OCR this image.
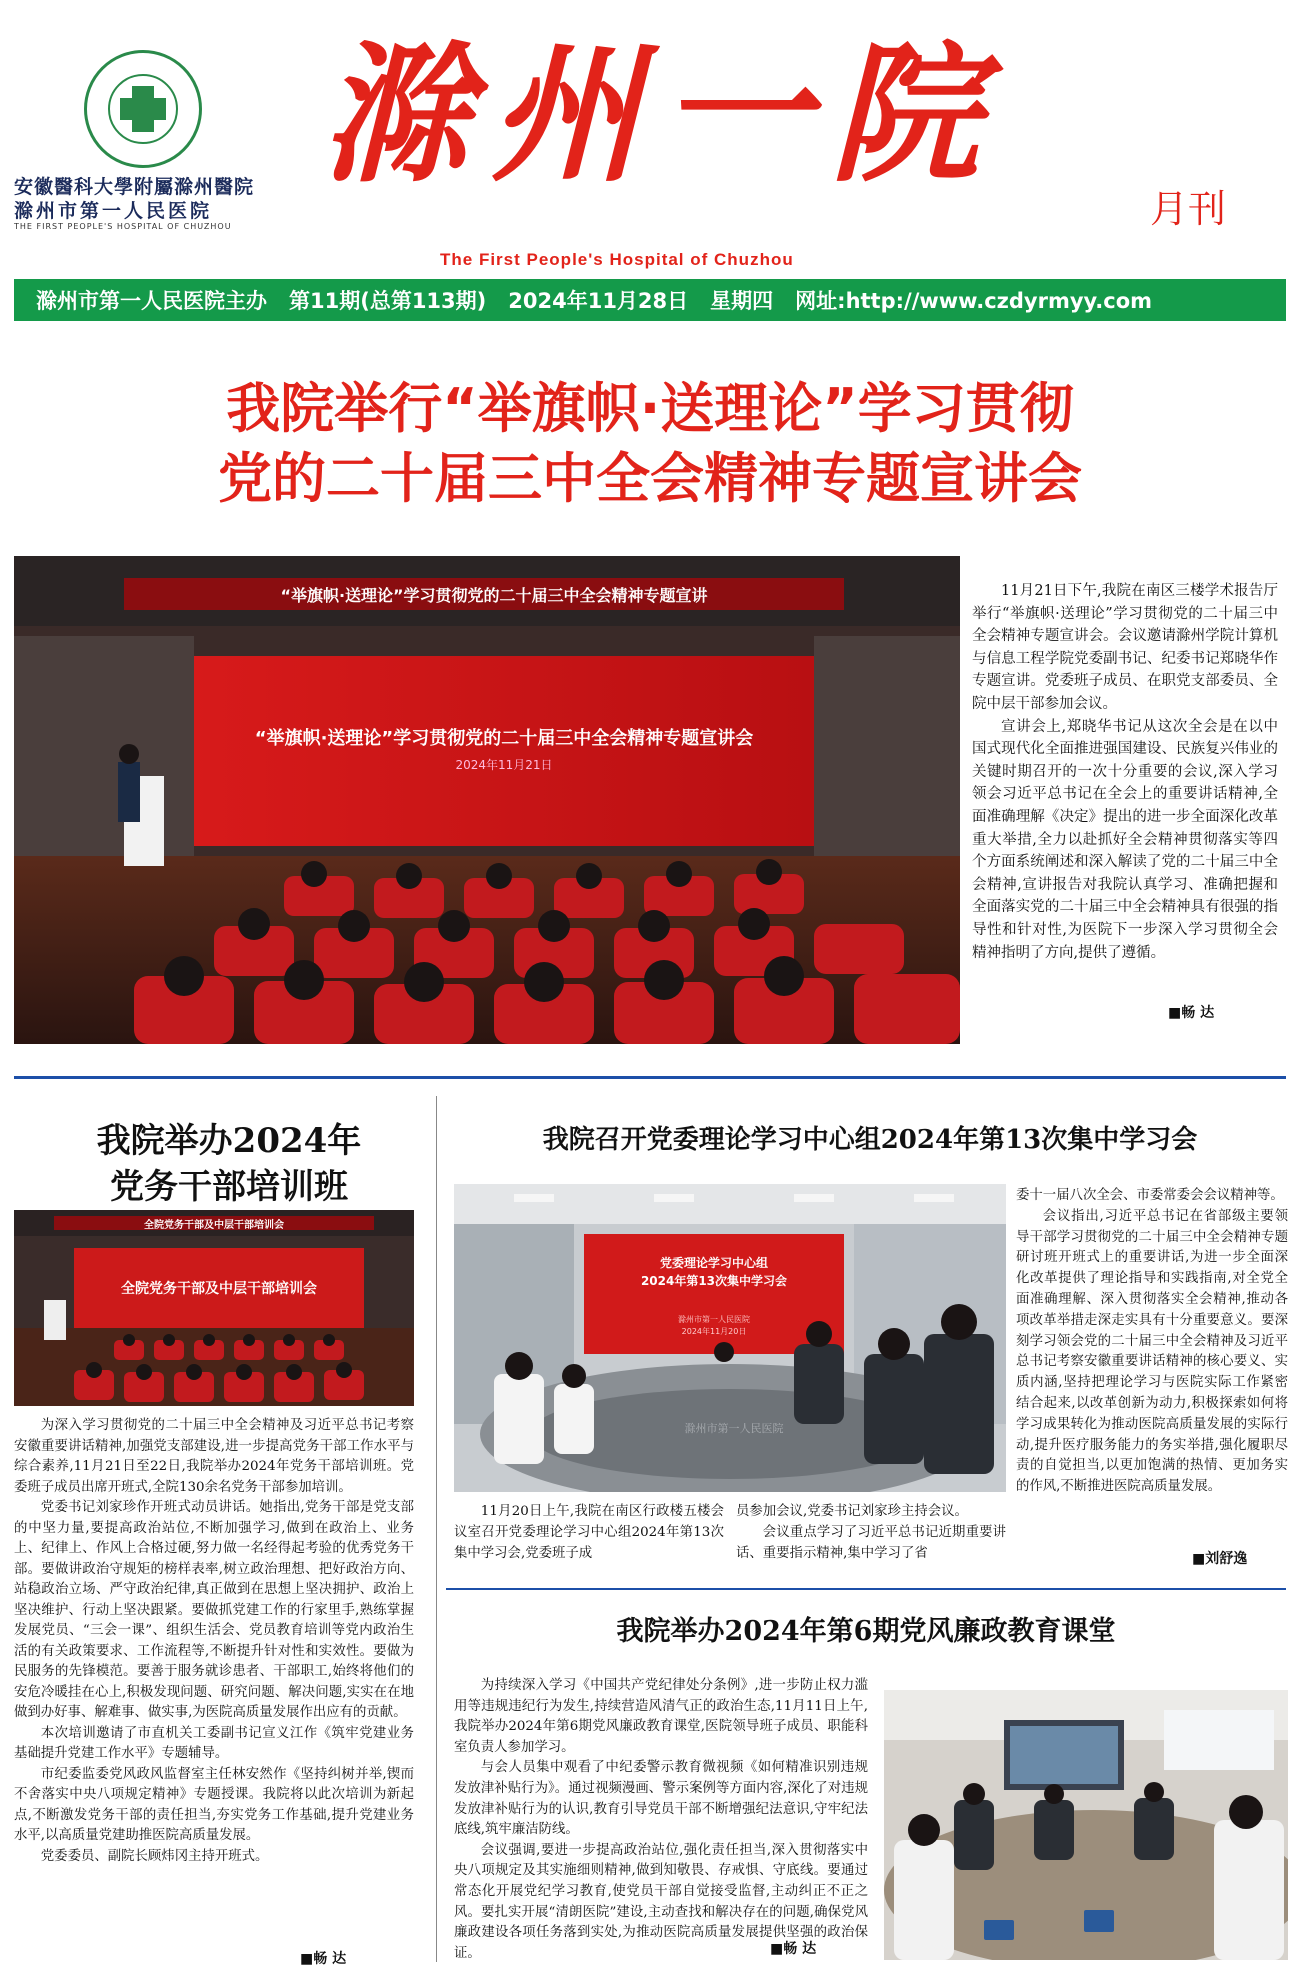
安徽醫科大學附屬滁州醫院
滁州市第一人民医院
THE FIRST PEOPLE'S HOSPITAL OF CHUZHOU
滁州一院
月刊
The First People's Hospital of Chuzhou
滁州市第一人民医院主办 第11期(总第113期) 2024年11月28日 星期四 网址:http://www.czdyrmyy.com
我院举行“举旗帜·送理论”学习贯彻
党的二十届三中全会精神专题宣讲会
“举旗帜·送理论”学习贯彻党的二十届三中全会精神专题宣讲
“举旗帜·送理论”学习贯彻党的二十届三中全会精神专题宣讲会
2024年11月21日

11月21日下午,我院在南区三楼学术报告厅举行“举旗帜·送理论”学习贯彻党的二十届三中全会精神专题宣讲会。会议邀请滁州学院计算机与信息工程学院党委副书记、纪委书记郑晓华作专题宣讲。党委班子成员、在职党支部委员、全院中层干部参加会议。

宣讲会上,郑晓华书记从这次全会是在以中国式现代化全面推进强国建设、民族复兴伟业的关键时期召开的一次十分重要的会议,深入学习领会习近平总书记在全会上的重要讲话精神,全面准确理解《决定》提出的进一步全面深化改革重大举措,全力以赴抓好全会精神贯彻落实等四个方面系统阐述和深入解读了党的二十届三中全会精神,宣讲报告对我院认真学习、准确把握和全面落实党的二十届三中全会精神具有很强的指导性和针对性,为医院下一步深入学习贯彻全会精神指明了方向,提供了遵循。

■畅 达
我院举办2024年
党务干部培训班
全院党务干部及中层干部培训会
全院党务干部及中层干部培训会

为深入学习贯彻党的二十届三中全会精神及习近平总书记考察安徽重要讲话精神,加强党支部建设,进一步提高党务干部工作水平与综合素养,11月21日至22日,我院举办2024年党务干部培训班。党委班子成员出席开班式,全院130余名党务干部参加培训。

党委书记刘家珍作开班式动员讲话。她指出,党务干部是党支部的中坚力量,要提高政治站位,不断加强学习,做到在政治上、业务上、纪律上、作风上合格过硬,努力做一名经得起考验的优秀党务干部。要做讲政治守规矩的榜样表率,树立政治理想、把好政治方向、站稳政治立场、严守政治纪律,真正做到在思想上坚决拥护、政治上坚决维护、行动上坚决跟紧。要做抓党建工作的行家里手,熟练掌握发展党员、“三会一课”、组织生活会、党员教育培训等党内政治生活的有关政策要求、工作流程等,不断提升针对性和实效性。要做为民服务的先锋模范。要善于服务就诊患者、干部职工,始终将他们的安危冷暖挂在心上,积极发现问题、研究问题、解决问题,实实在在地做到办好事、解难事、做实事,为医院高质量发展作出应有的贡献。

本次培训邀请了市直机关工委副书记宣义江作《筑牢党建业务基础提升党建工作水平》专题辅导。

市纪委监委党风政风监督室主任林安然作《坚持纠树并举,锲而不舍落实中央八项规定精神》专题授课。我院将以此次培训为新起点,不断激发党务干部的责任担当,夯实党务工作基础,提升党建业务水平,以高质量党建助推医院高质量发展。

党委委员、副院长顾炜冈主持开班式。

■畅 达
我院召开党委理论学习中心组2024年第13次集中学习会
党委理论学习中心组
2024年第13次集中学习会
滁州市第一人民医院
2024年11月20日
滁州市第一人民医院

委十一届八次全会、市委常委会会议精神等。

会议指出,习近平总书记在省部级主要领导干部学习贯彻党的二十届三中全会精神专题研讨班开班式上的重要讲话,为进一步全面深化改革提供了理论指导和实践指南,对全党全面准确理解、深入贯彻落实全会精神,推动各项改革举措走深走实具有十分重要意义。要深刻学习领会党的二十届三中全会精神及习近平总书记考察安徽重要讲话精神的核心要义、实质内涵,坚持把理论学习与医院实际工作紧密结合起来,以改革创新为动力,积极探索如何将学习成果转化为推动医院高质量发展的实际行动,提升医疗服务能力的务实举措,强化履职尽责的自觉担当,以更加饱满的热情、更加务实的作风,不断推进医院高质量发展。

11月20日上午,我院在南区行政楼五楼会议室召开党委理论学习中心组2024年第13次集中学习会,党委班子成

员参加会议,党委书记刘家珍主持会议。

会议重点学习了习近平总书记近期重要讲话、重要指示精神,集中学习了省	■刘舒逸
我院举办2024年第6期党风廉政教育课堂

为持续深入学习《中国共产党纪律处分条例》,进一步防止权力滥用等违规违纪行为发生,持续营造风清气正的政治生态,11月11日上午,我院举办2024年第6期党风廉政教育课堂,医院领导班子成员、职能科室负责人参加学习。

与会人员集中观看了中纪委警示教育微视频《如何精准识别违规发放津补贴行为》。通过视频漫画、警示案例等方面内容,深化了对违规发放津补贴行为的认识,教育引导党员干部不断增强纪法意识,守牢纪法底线,筑牢廉洁防线。

会议强调,要进一步提高政治站位,强化责任担当,深入贯彻落实中央八项规定及其实施细则精神,做到知敬畏、存戒惧、守底线。要通过常态化开展党纪学习教育,使党员干部自觉接受监督,主动纠正不正之风。要扎实开展“清朗医院”建设,主动查找和解决存在的问题,确保党风廉政建设各项任务落到实处,为推动医院高质量发展提供坚强的政治保证。	■畅 达
